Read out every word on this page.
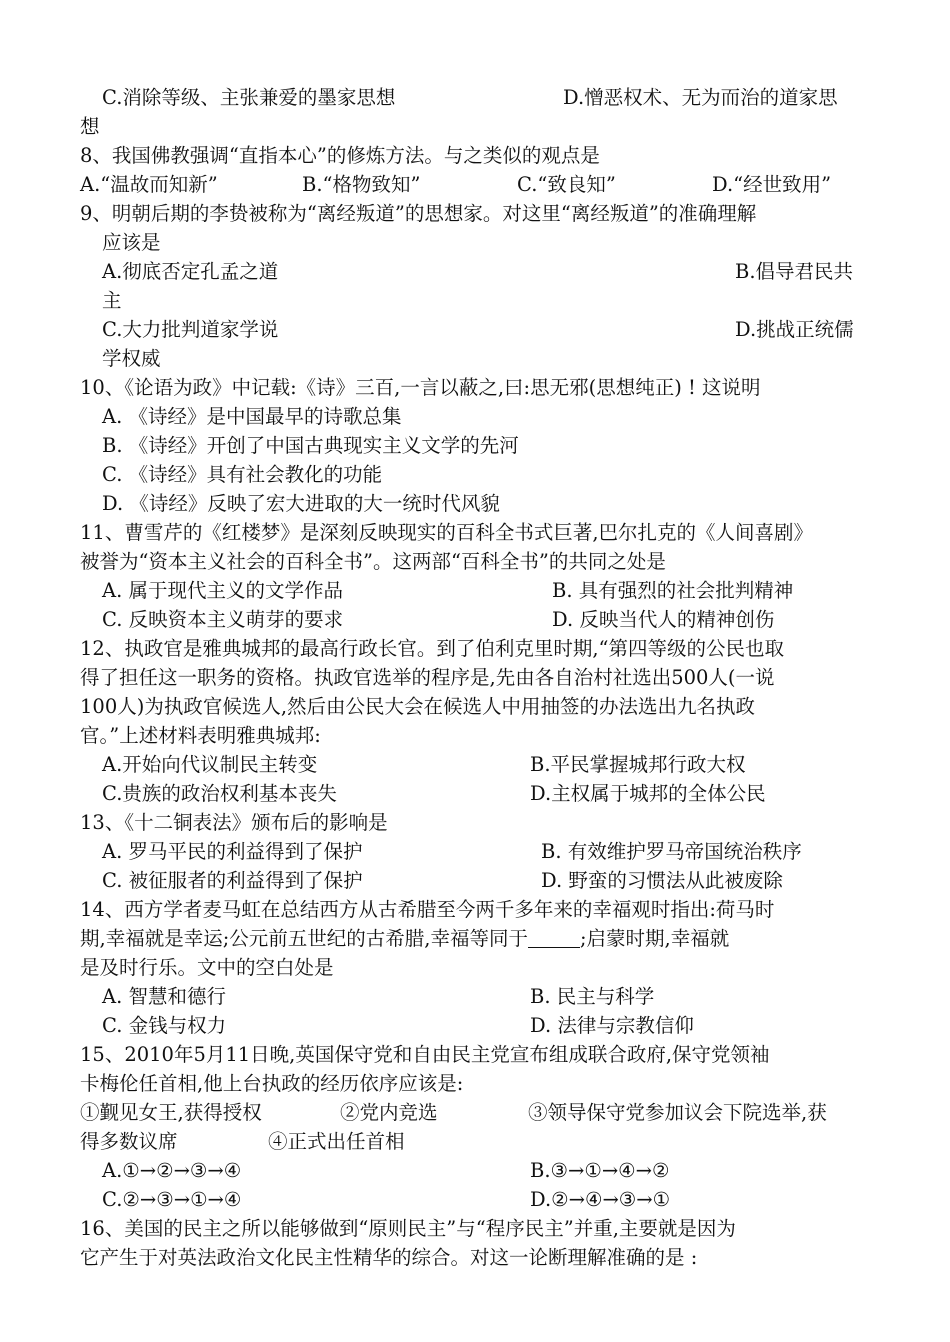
C.消除等级、主张兼爱的墨家思想	D.憎恶权术、无为而治的道家思
想
8、我国佛教强调“直指本心”的修炼方法。与之类似的观点是
A.“温故而知新”	B.“格物致知”	C.“致良知”	D.“经世致用”
9、明朝后期的李贽被称为“离经叛道”的思想家。对这里“离经叛道”的准确理解
应该是
A.彻底否定孔孟之道	B.倡导君民共
主
C.大力批判道家学说	D.挑战正统儒
学权威
10、《论语为政》中记载:《诗》三百,一言以蔽之,曰:思无邪(思想纯正) ! 这说明
A. 《诗经》是中国最早的诗歌总集
B. 《诗经》开创了中国古典现实主义文学的先河
C. 《诗经》具有社会教化的功能
D. 《诗经》反映了宏大进取的大一统时代风貌
11、曹雪芹的《红楼梦》是深刻反映现实的百科全书式巨著,巴尔扎克的《人间喜剧》
被誉为“资本主义社会的百科全书”。这两部“百科全书”的共同之处是
A. 属于现代主义的文学作品	B. 具有强烈的社会批判精神
C. 反映资本主义萌芽的要求	D. 反映当代人的精神创伤
12、执政官是雅典城邦的最高行政长官。到了伯利克里时期,“第四等级的公民也取
得了担任这一职务的资格。执政官选举的程序是,先由各自治村社选出500人(一说
100人)为执政官候选人,然后由公民大会在候选人中用抽签的办法选出九名执政
官。”上述材料表明雅典城邦:
A.开始向代议制民主转变	B.平民掌握城邦行政大权
C.贵族的政治权利基本丧失	D.主权属于城邦的全体公民
13、《十二铜表法》颁布后的影响是
A. 罗马平民的利益得到了保护	B. 有效维护罗马帝国统治秩序
C. 被征服者的利益得到了保护	D. 野蛮的习惯法从此被废除
14、西方学者麦马虹在总结西方从古希腊至今两千多年来的幸福观时指出:荷马时
期,幸福就是幸运;公元前五世纪的古希腊,幸福等同于	;启蒙时期,幸福就
是及时行乐。文中的空白处是
A. 智慧和德行	B. 民主与科学
C. 金钱与权力	D. 法律与宗教信仰
15、2010年5月11日晚,英国保守党和自由民主党宣布组成联合政府,保守党领袖
卡梅伦任首相,他上台执政的经历依序应该是:
①觐见女王,获得授权	②党内竞选	③领导保守党参加议会下院选举,获
得多数议席	④正式出任首相
A.①→②→③→④	B.③→①→④→②
C.②→③→①→④	D.②→④→③→①
16、美国的民主之所以能够做到“原则民主”与“程序民主”并重,主要就是因为
它产生于对英法政治文化民主性精华的综合。对这一论断理解准确的是 :
